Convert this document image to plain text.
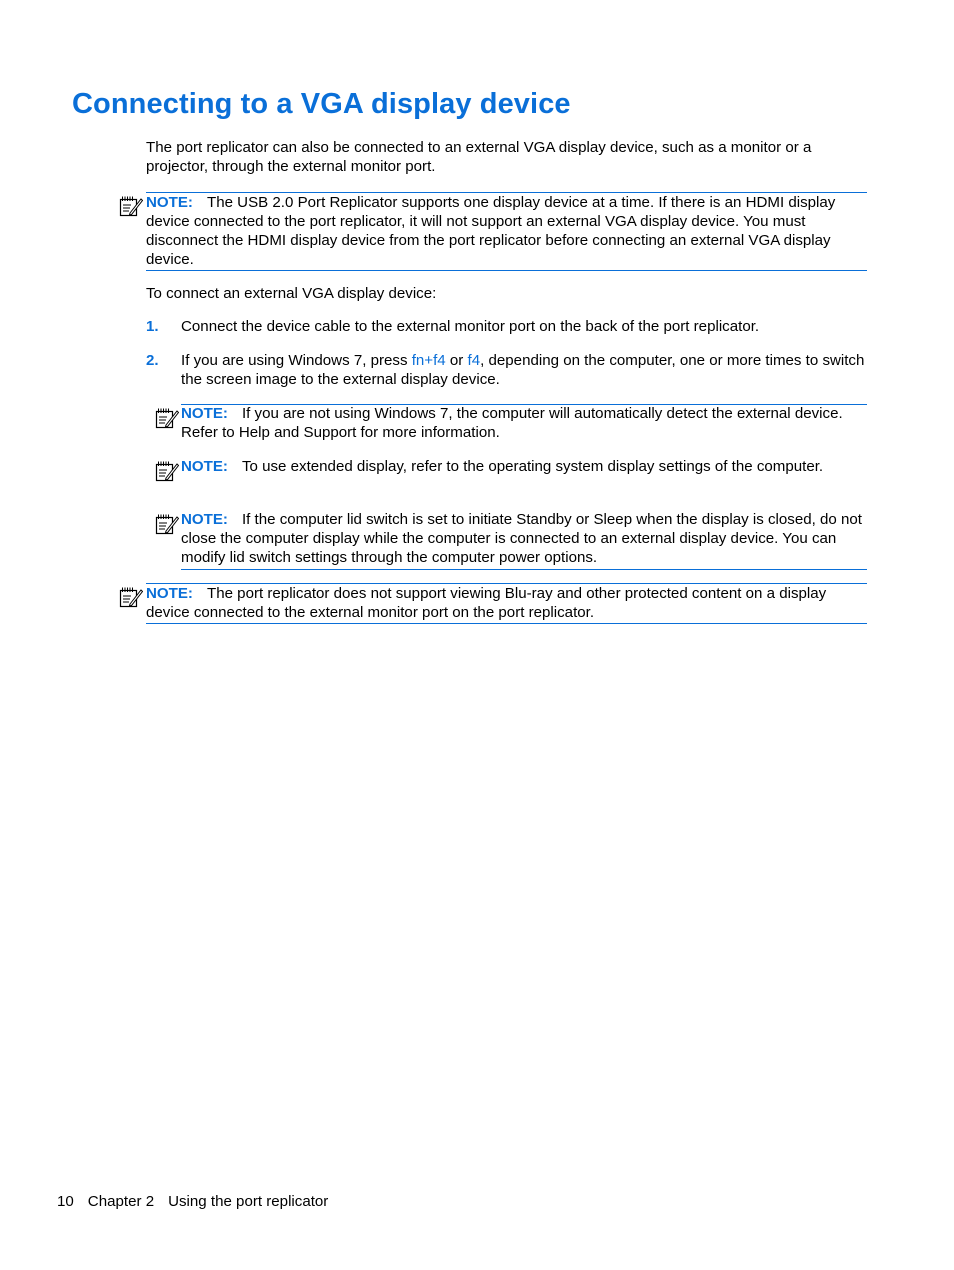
Connecting to a VGA display device

The port replicator can also be connected to an external VGA display device, such as a monitor or a projector, through the external monitor port.

NOTE: The USB 2.0 Port Replicator supports one display device at a time. If there is an HDMI display device connected to the port replicator, it will not support an external VGA display device. You must disconnect the HDMI display device from the port replicator before connecting an external VGA display device.

To connect an external VGA display device:

1. Connect the device cable to the external monitor port on the back of the port replicator.

2. If you are using Windows 7, press fn+f4 or f4, depending on the computer, one or more times to switch the screen image to the external display device.

NOTE: If you are not using Windows 7, the computer will automatically detect the external device. Refer to Help and Support for more information.
NOTE: To use extended display, refer to the operating system display settings of the computer.
NOTE: If the computer lid switch is set to initiate Standby or Sleep when the display is closed, do not close the computer display while the computer is connected to an external display device. You can modify lid switch settings through the computer power options.
NOTE: The port replicator does not support viewing Blu-ray and other protected content on a display device connected to the external monitor port on the port replicator.
10 Chapter 2 Using the port replicator
